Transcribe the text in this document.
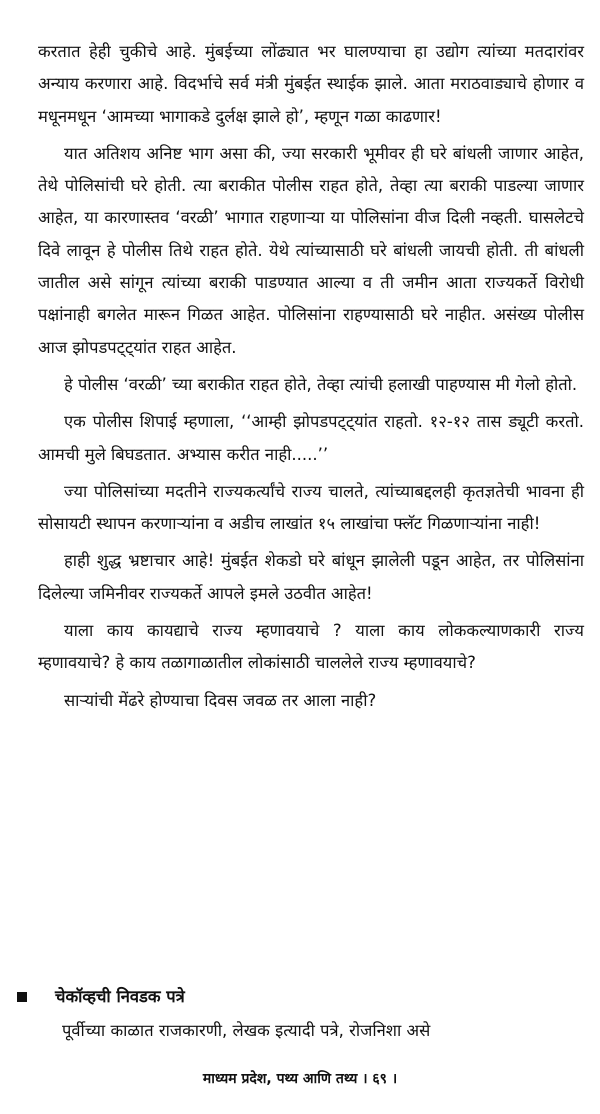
करतात हेही चुकीचे आहे. मुंबईच्या लोंढ्यात भर घालण्याचा हा उद्योग त्यांच्या मतदारांवर अन्याय करणारा आहे. विदर्भाचे सर्व मंत्री मुंबईत स्थाईक झाले. आता मराठवाड्याचे होणार व मधूनमधून ‘आमच्या भागाकडे दुर्लक्ष झाले हो’, म्हणून गळा काढणार!

यात अतिशय अनिष्ट भाग असा की, ज्या सरकारी भूमीवर ही घरे बांधली जाणार आहेत, तेथे पोलिसांची घरे होती. त्या बराकीत पोलीस राहत होते, तेव्हा त्या बराकी पाडल्या जाणार आहेत, या कारणास्तव ‘वरळी’ भागात राहणाऱ्या या पोलिसांना वीज दिली नव्हती. घासलेटचे दिवे लावून हे पोलीस तिथे राहत होते. येथे त्यांच्यासाठी घरे बांधली जायची होती. ती बांधली जातील असे सांगून त्यांच्या बराकी पाडण्यात आल्या व ती जमीन आता राज्यकर्ते विरोधी पक्षांनाही बगलेत मारून गिळत आहेत. पोलिसांना राहण्यासाठी घरे नाहीत. असंख्य पोलीस आज झोपडपट्ट्यांत राहत आहेत.

हे पोलीस ‘वरळी’ च्या बराकीत राहत होते, तेव्हा त्यांची हलाखी पाहण्यास मी गेलो होतो.

एक पोलीस शिपाई म्हणाला, ‘‘आम्ही झोपडपट्ट्यांत राहतो. १२-१२ तास ड्यूटी करतो. आमची मुले बिघडतात. अभ्यास करीत नाही.....’’

ज्या पोलिसांच्या मदतीने राज्यकर्त्यांचे राज्य चालते, त्यांच्याबद्दलही कृतज्ञतेची भावना ही सोसायटी स्थापन करणाऱ्यांना व अडीच लाखांत १५ लाखांचा फ्लॅट गिळणाऱ्यांना नाही!

हाही शुद्ध भ्रष्टाचार आहे! मुंबईत शेकडो घरे बांधून झालेली पडून आहेत, तर पोलिसांना दिलेल्या जमिनीवर राज्यकर्ते आपले इमले उठवीत आहेत!

याला काय कायद्याचे राज्य म्हणावयाचे ? याला काय लोककल्याणकारी राज्य म्हणावयाचे? हे काय तळागाळातील लोकांसाठी चाललेले राज्य म्हणावयाचे?

साऱ्यांची मेंढरे होण्याचा दिवस जवळ तर आला नाही?

चेकॉव्हची निवडक पत्रे

पूर्वीच्या काळात राजकारणी, लेखक इत्यादी पत्रे, रोजनिशा असे

माध्यम प्रदेश, पथ्य आणि तथ्य । ६९ ।
